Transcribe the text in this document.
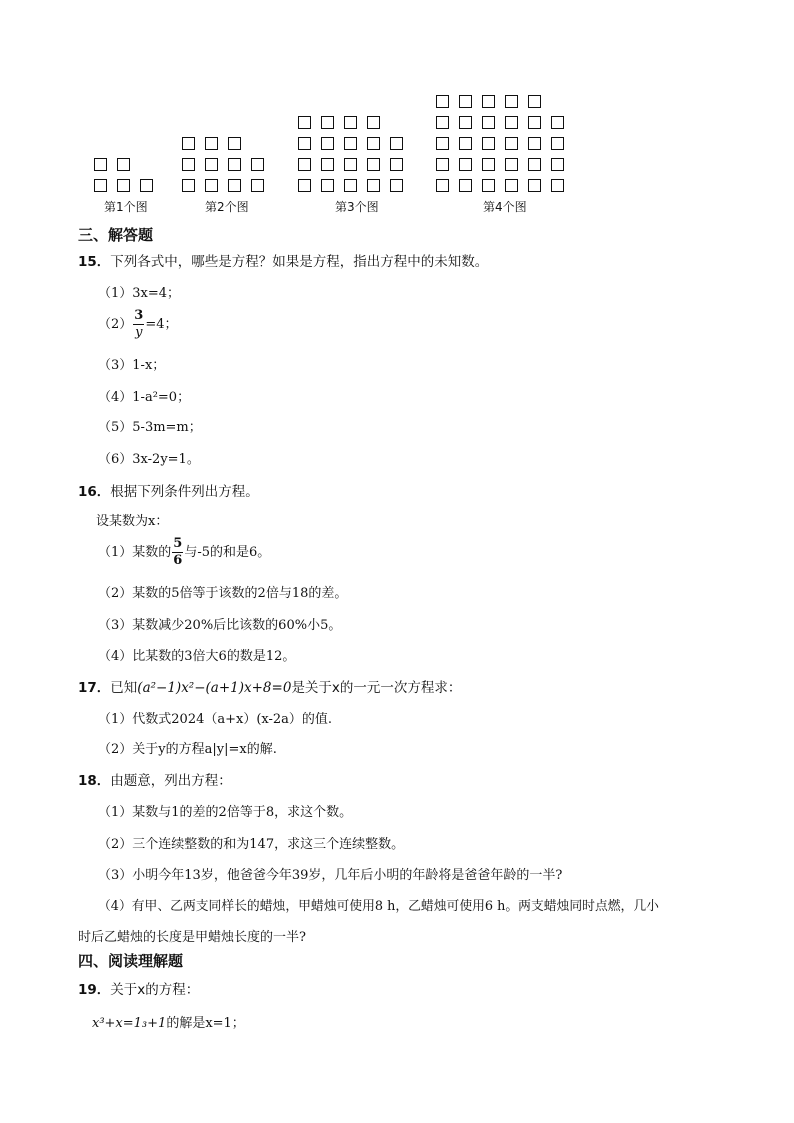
第1个图	第2个图	第3个图	第4个图
三、解答题
15．下列各式中，哪些是方程？如果是方程，指出方程中的未知数。
（1）3x=4；
$(2) \frac{3}{y} =4$；
（3）1-x；
（4）1-a²=0；
（5）5-3m=m；
（6）3x-2y=1。
16．根据下列条件列出方程。
设某数为x：
（1）某数的 $\frac{5}{6}$ 与-5的和是6。
（2）某数的5倍等于该数的2倍与18的差。
（3）某数减少20%后比该数的60%小5。
（4）比某数的3倍大6的数是12。
17．已知(a²−1)x²−(a+1)x+8=0是关于x的一元一次方程求：
（1）代数式2024（a+x）(x-2a）的值.
（2）关于y的方程a|y|=x的解.
18．由题意，列出方程：
（1）某数与1的差的2倍等于8，求这个数。
（2）三个连续整数的和为147，求这三个连续整数。
（3）小明今年13岁，他爸爸今年39岁，几年后小明的年龄将是爸爸年龄的一半?
（4）有甲、乙两支同样长的蜡烛，甲蜡烛可使用8 h，乙蜡烛可使用6 h。两支蜡烛同时点燃，几小
时后乙蜡烛的长度是甲蜡烛长度的一半?
四、阅读理解题
19．关于x的方程：
x³+x=1₃+1的解是x=1；
